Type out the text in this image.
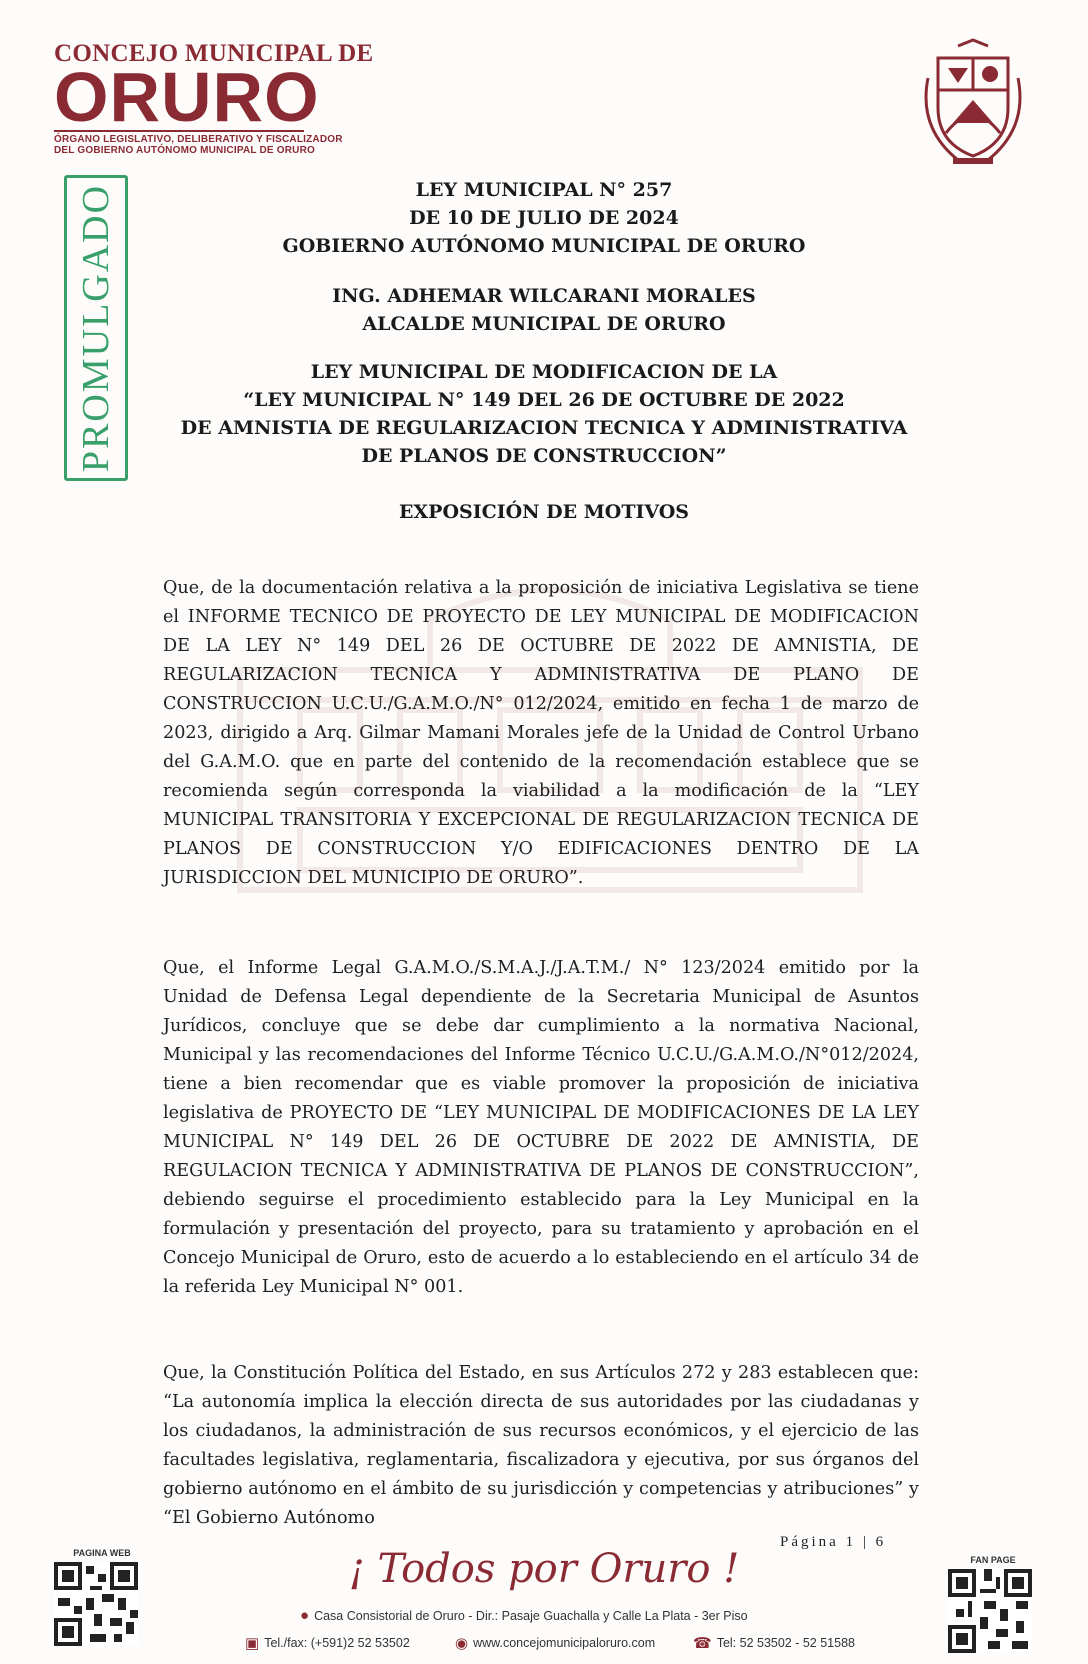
CONCEJO MUNICIPAL DE
ORURO
ÓRGANO LEGISLATIVO, DELIBERATIVO Y FISCALIZADOR
DEL GOBIERNO AUTÓNOMO MUNICIPAL DE ORURO
PROMULGADO	LEY MUNICIPAL N° 257
DE 10 DE JULIO DE 2024
GOBIERNO AUTÓNOMO MUNICIPAL DE ORURO
ING. ADHEMAR WILCARANI MORALES
ALCALDE MUNICIPAL DE ORURO
LEY MUNICIPAL DE MODIFICACION DE LA
“LEY MUNICIPAL N° 149 DEL 26 DE OCTUBRE DE 2022
DE AMNISTIA DE REGULARIZACION TECNICA Y ADMINISTRATIVA
DE PLANOS DE CONSTRUCCION”
EXPOSICIÓN DE MOTIVOS

Que, de la documentación relativa a la proposición de iniciativa Legislativa se tiene el INFORME TECNICO DE PROYECTO DE LEY MUNICIPAL DE MODIFICACION DE LA LEY N° 149 DEL 26 DE OCTUBRE DE 2022 DE AMNISTIA, DE REGULARIZACION TECNICA Y ADMINISTRATIVA DE PLANO DE CONSTRUCCION U.C.U./G.A.M.O./N° 012/2024, emitido en fecha 1 de marzo de 2023, dirigido a Arq. Gilmar Mamani Morales jefe de la Unidad de Control Urbano del G.A.M.O. que en parte del contenido de la recomendación establece que se recomienda según corresponda la viabilidad a la modificación de la “LEY MUNICIPAL TRANSITORIA Y EXCEPCIONAL DE REGULARIZACION TECNICA DE PLANOS DE CONSTRUCCION Y/O EDIFICACIONES DENTRO DE LA JURISDICCION DEL MUNICIPIO DE ORURO”.

Que, el Informe Legal G.A.M.O./S.M.A.J./J.A.T.M./ N° 123/2024 emitido por la Unidad de Defensa Legal dependiente de la Secretaria Municipal de Asuntos Jurídicos, concluye que se debe dar cumplimiento a la normativa Nacional, Municipal y las recomendaciones del Informe Técnico U.C.U./G.A.M.O./N°012/2024, tiene a bien recomendar que es viable promover la proposición de iniciativa legislativa de PROYECTO DE “LEY MUNICIPAL DE MODIFICACIONES DE LA LEY MUNICIPAL N° 149 DEL 26 DE OCTUBRE DE 2022 DE AMNISTIA, DE REGULACION TECNICA Y ADMINISTRATIVA DE PLANOS DE CONSTRUCCION”, debiendo seguirse el procedimiento establecido para la Ley Municipal en la formulación y presentación del proyecto, para su tratamiento y aprobación en el Concejo Municipal de Oruro, esto de acuerdo a lo estableciendo en el artículo 34 de la referida Ley Municipal N° 001.

Que, la Constitución Política del Estado, en sus Artículos 272 y 283 establecen que: “La autonomía implica la elección directa de sus autoridades por las ciudadanas y los ciudadanos, la administración de sus recursos económicos, y el ejercicio de las facultades legislativa, reglamentaria, fiscalizadora y ejecutiva, por sus órganos del gobierno autónomo en el ámbito de su jurisdicción y competencias y atribuciones” y “El Gobierno Autónomo

Página 1 | 6
¡ Todos por Oruro !
● Casa Consistorial de Oruro - Dir.: Pasaje Guachalla y Calle La Plata - 3er Piso
▣ Tel./fax: (+591)2 52 53502	◉ www.concejomunicipaloruro.com	☎ Tel: 52 53502 - 52 51588
PAGINA WEB
FAN PAGE
